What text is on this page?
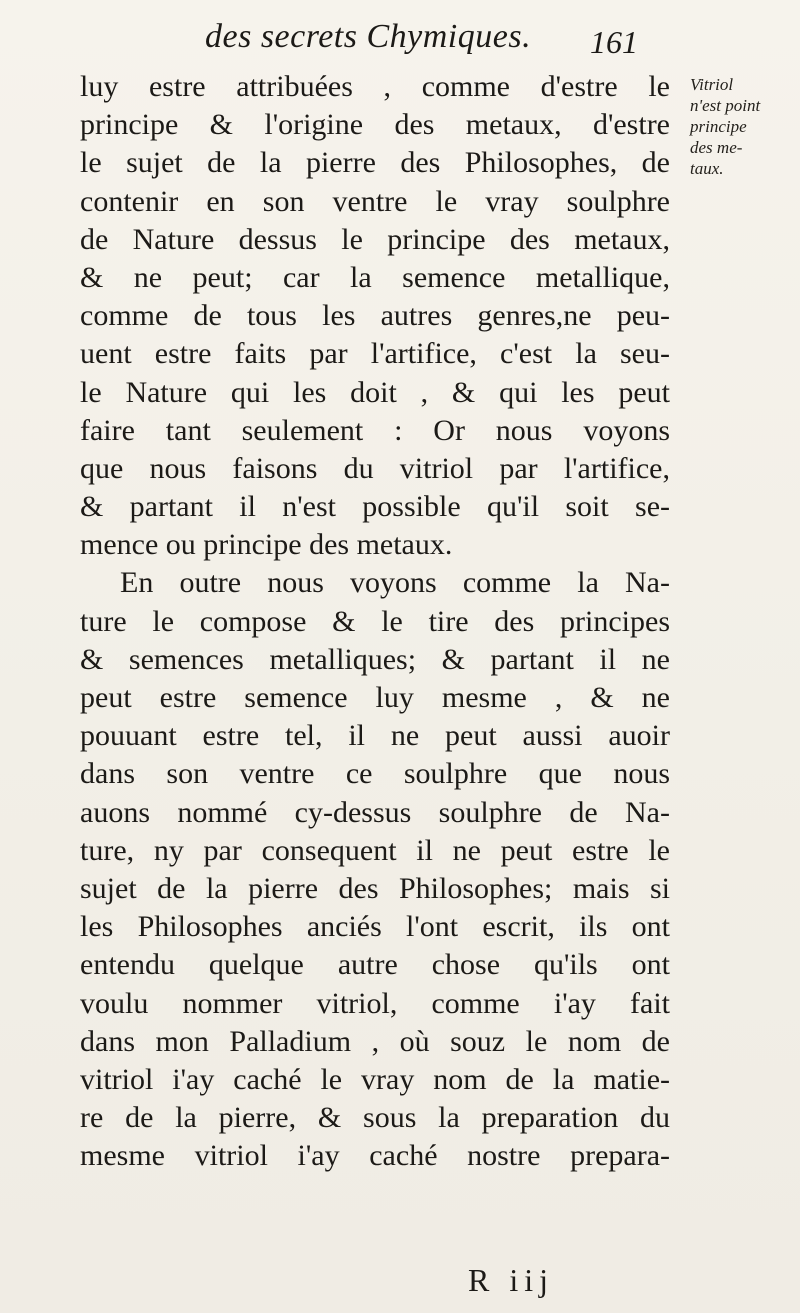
des secrets Chymiques. 161
Vitriol
n'est point
principe
des me-
taux.
luy estre attribuées , comme d'estre le
principe & l'origine des metaux, d'estre
le sujet de la pierre des Philosophes, de
contenir en son ventre le vray soulphre
de Nature dessus le principe des metaux,
& ne peut; car la semence metallique,
comme de tous les autres genres,ne peu-
uent estre faits par l'artifice, c'est la seu-
le Nature qui les doit , & qui les peut
faire tant seulement : Or nous voyons
que nous faisons du vitriol par l'artifice,
& partant il n'est possible qu'il soit se-
mence ou principe des metaux.
En outre nous voyons comme la Na-
ture le compose & le tire des principes
& semences metalliques; & partant il ne
peut estre semence luy mesme , & ne
pouuant estre tel, il ne peut aussi auoir
dans son ventre ce soulphre que nous
auons nommé cy-dessus soulphre de Na-
ture, ny par consequent il ne peut estre le
sujet de la pierre des Philosophes; mais si
les Philosophes anciés l'ont escrit, ils ont
entendu quelque autre chose qu'ils ont
voulu nommer vitriol, comme i'ay fait
dans mon Palladium , où souz le nom de
vitriol i'ay caché le vray nom de la matie-
re de la pierre, & sous la preparation du
mesme vitriol i'ay caché nostre prepara-
R iij
